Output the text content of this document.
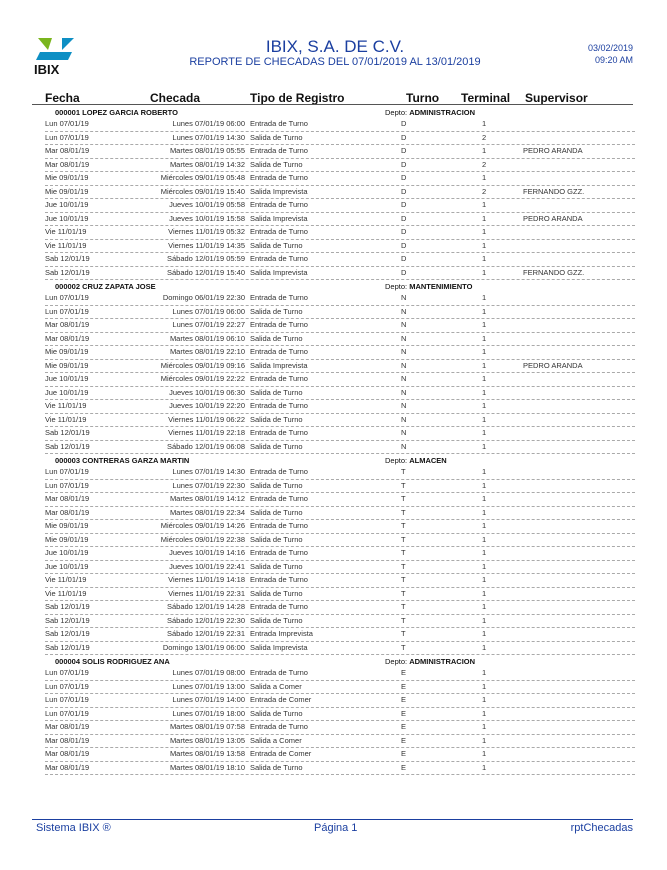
IBIX
IBIX, S.A. DE C.V.
REPORTE DE CHECADAS DEL 07/01/2019 AL 13/01/2019
03/02/2019
09:20 AM
Fecha	Checada	Tipo de Registro	Turno Terminal Supervisor
000001 LOPEZ GARCIA ROBERTO	Depto: ADMINISTRACION
Lun 07/01/19	Lunes 07/01/19 06:00 Entrada de Turno	D	1
Lun 07/01/19	Lunes 07/01/19 14:30 Salida de Turno	D	2
Mar 08/01/19	Martes 08/01/19 05:55 Entrada de Turno	D	1	PEDRO ARANDA
Mar 08/01/19	Martes 08/01/19 14:32 Salida de Turno	D	2
Mie 09/01/19	Miércoles 09/01/19 05:48 Entrada de Turno	D	1
Mie 09/01/19	Miércoles 09/01/19 15:40 Salida Imprevista	D	2	FERNANDO GZZ.
Jue 10/01/19	Jueves 10/01/19 05:58 Entrada de Turno	D	1
Jue 10/01/19	Jueves 10/01/19 15:58 Salida Imprevista	D	1	PEDRO ARANDA
Vie 11/01/19	Viernes 11/01/19 05:32 Entrada de Turno	D	1
Vie 11/01/19	Viernes 11/01/19 14:35 Salida de Turno	D	1
Sab 12/01/19	Sábado 12/01/19 05:59 Entrada de Turno	D	1
Sab 12/01/19	Sábado 12/01/19 15:40 Salida Imprevista	D	1	FERNANDO GZZ.
000002 CRUZ ZAPATA JOSE	Depto: MANTENIMIENTO
Lun 07/01/19	Domingo 06/01/19 22:30 Entrada de Turno	N	1
Lun 07/01/19	Lunes 07/01/19 06:00 Salida de Turno	N	1
Mar 08/01/19	Lunes 07/01/19 22:27 Entrada de Turno	N	1
Mar 08/01/19	Martes 08/01/19 06:10 Salida de Turno	N	1
Mie 09/01/19	Martes 08/01/19 22:10 Entrada de Turno	N	1
Mie 09/01/19	Miércoles 09/01/19 09:16 Salida Imprevista	N	1	PEDRO ARANDA
Jue 10/01/19	Miércoles 09/01/19 22:22 Entrada de Turno	N	1
Jue 10/01/19	Jueves 10/01/19 06:30 Salida de Turno	N	1
Vie 11/01/19	Jueves 10/01/19 22:20 Entrada de Turno	N	1
Vie 11/01/19	Viernes 11/01/19 06:22 Salida de Turno	N	1
Sab 12/01/19	Viernes 11/01/19 22:18 Entrada de Turno	N	1
Sab 12/01/19	Sábado 12/01/19 06:08 Salida de Turno	N	1
000003 CONTRERAS GARZA MARTIN	Depto: ALMACEN
Lun 07/01/19	Lunes 07/01/19 14:30 Entrada de Turno	T	1
Lun 07/01/19	Lunes 07/01/19 22:30 Salida de Turno	T	1
Mar 08/01/19	Martes 08/01/19 14:12 Entrada de Turno	T	1
Mar 08/01/19	Martes 08/01/19 22:34 Salida de Turno	T	1
Mie 09/01/19	Miércoles 09/01/19 14:26 Entrada de Turno	T	1
Mie 09/01/19	Miércoles 09/01/19 22:38 Salida de Turno	T	1
Jue 10/01/19	Jueves 10/01/19 14:16 Entrada de Turno	T	1
Jue 10/01/19	Jueves 10/01/19 22:41 Salida de Turno	T	1
Vie 11/01/19	Viernes 11/01/19 14:18 Entrada de Turno	T	1
Vie 11/01/19	Viernes 11/01/19 22:31 Salida de Turno	T	1
Sab 12/01/19	Sábado 12/01/19 14:28 Entrada de Turno	T	1
Sab 12/01/19	Sábado 12/01/19 22:30 Salida de Turno	T	1
Sab 12/01/19	Sábado 12/01/19 22:31 Entrada Imprevista	T	1
Sab 12/01/19	Domingo 13/01/19 06:00 Salida Imprevista	T	1
000004 SOLIS RODRIGUEZ ANA	Depto: ADMINISTRACION
Lun 07/01/19	Lunes 07/01/19 08:00 Entrada de Turno	E	1
Lun 07/01/19	Lunes 07/01/19 13:00 Salida a Comer	E	1
Lun 07/01/19	Lunes 07/01/19 14:00 Entrada de Comer	E	1
Lun 07/01/19	Lunes 07/01/19 18:00 Salida de Turno	E	1
Mar 08/01/19	Martes 08/01/19 07:58 Entrada de Turno	E	1
Mar 08/01/19	Martes 08/01/19 13:05 Salida a Comer	E	1
Mar 08/01/19	Martes 08/01/19 13:58 Entrada de Comer	E	1
Mar 08/01/19	Martes 08/01/19 18:10 Salida de Turno	E	1
Sistema IBIX ®	Página 1	rptChecadas
